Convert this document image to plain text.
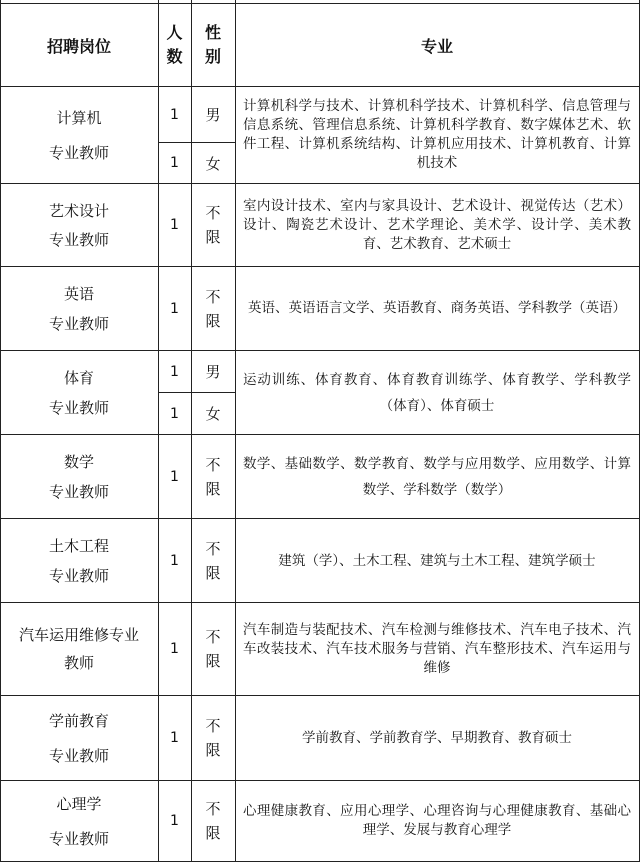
招聘岗位
人
数
性
别
专业
计算机
专业教师
1
1
男
女
计算机科学与技术、计算机科学技术、计算机科学、信息管理与信息系统、管理信息系统、计算机科学教育、数字媒体艺术、软件工程、计算机系统结构、计算机应用技术、计算机教育、计算机技术
艺术设计
专业教师
1
不
限
室内设计技术、室内与家具设计、艺术设计、视觉传达（艺术）设计、陶瓷艺术设计、艺术学理论、美术学、设计学、美术教育、艺术教育、艺术硕士
英语
专业教师
1
不
限
英语、英语语言文学、英语教育、商务英语、学科教学（英语）
体育
专业教师
1
1
男
女
运动训练、体育教育、体育教育训练学、体育教学、学科教学（体育）、体育硕士
数学
专业教师
1
不
限
数学、基础数学、数学教育、数学与应用数学、应用数学、计算数学、学科数学（数学）
土木工程
专业教师
1
不
限
建筑（学）、土木工程、建筑与土木工程、建筑学硕士
汽车运用维修专业
教师
1
不
限
汽车制造与装配技术、汽车检测与维修技术、汽车电子技术、汽车改装技术、汽车技术服务与营销、汽车整形技术、汽车运用与维修
学前教育
专业教师
1
不
限
学前教育、学前教育学、早期教育、教育硕士
心理学
专业教师
1
不
限
心理健康教育、应用心理学、心理咨询与心理健康教育、基础心理学、发展与教育心理学
